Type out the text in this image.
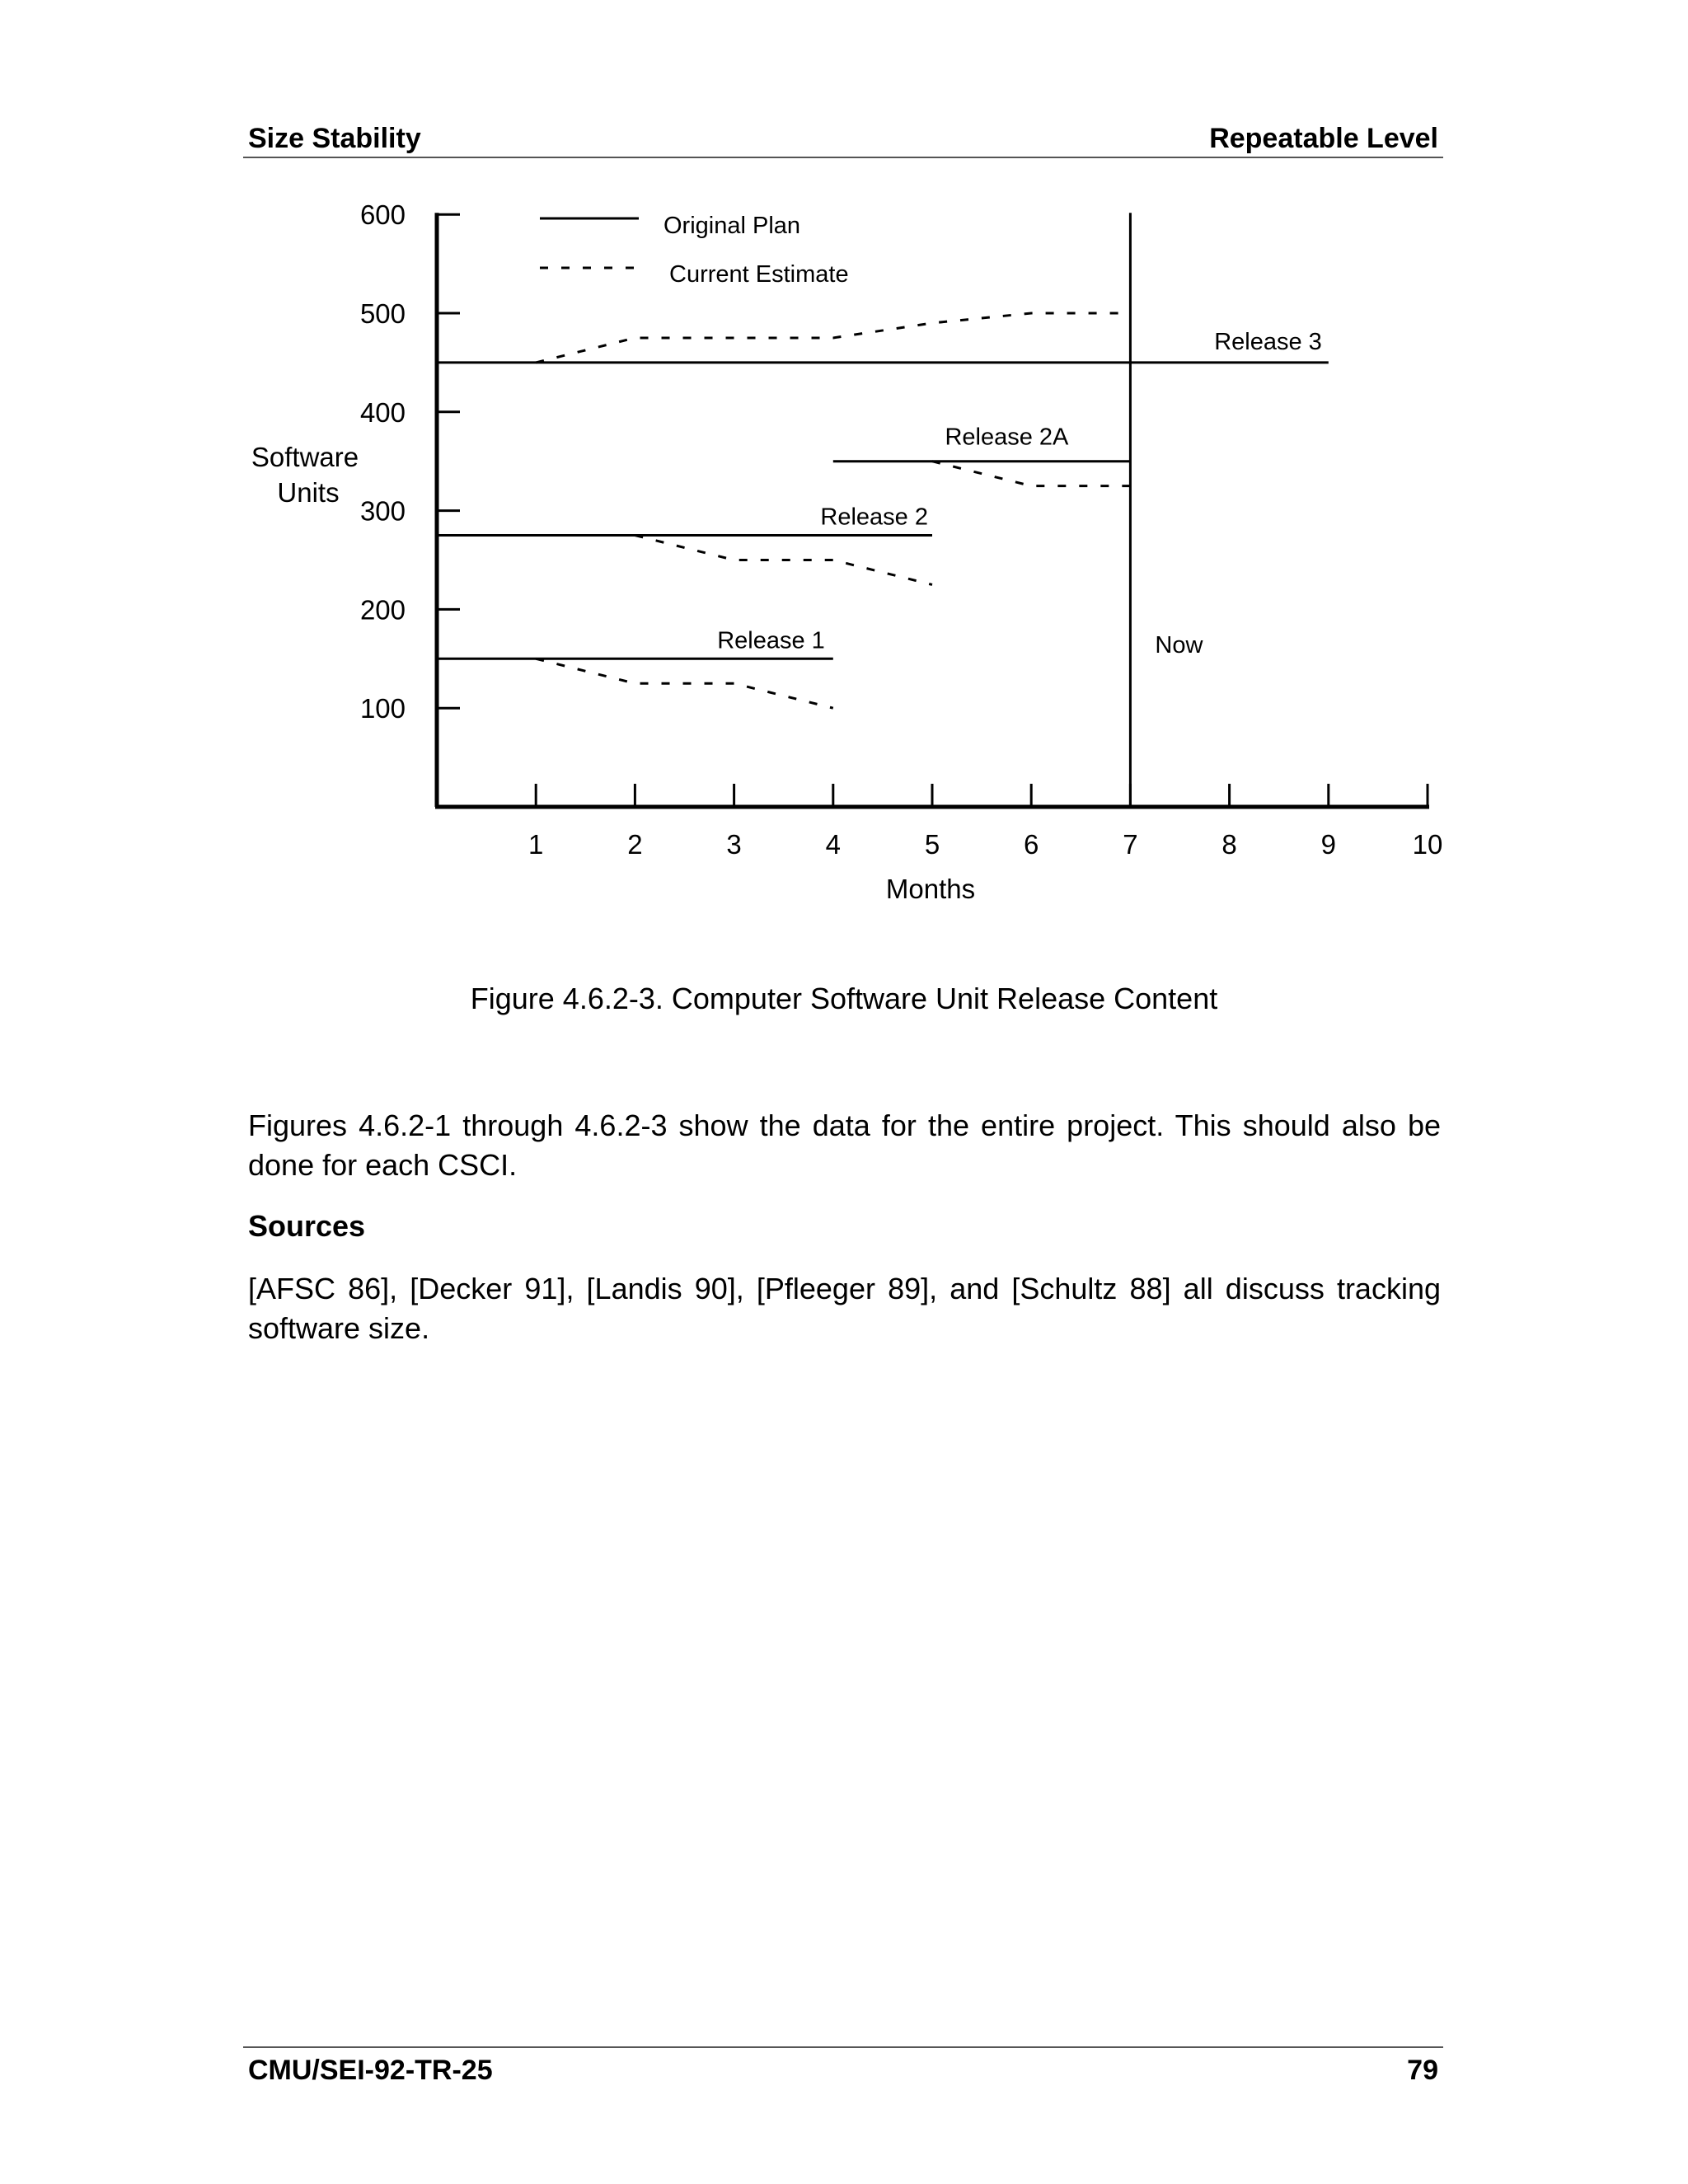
Size Stability	Repeatable Level
100
200
300
400
500
600
1	2	3	4	5	6	7	8	9	10
Months
Software Units
Original Plan
Current Estimate
Now
Release 1
Release 2
Release 2A
Release 3
Figure 4.6.2-3. Computer Software Unit Release Content

Figures 4.6.2-1 through 4.6.2-3 show the data for the entire project. This should also be done for each CSCI.

Sources

[AFSC 86], [Decker 91], [Landis 90], [Pfleeger 89], and [Schultz 88] all discuss tracking software size.

CMU/SEI-92-TR-25	79
